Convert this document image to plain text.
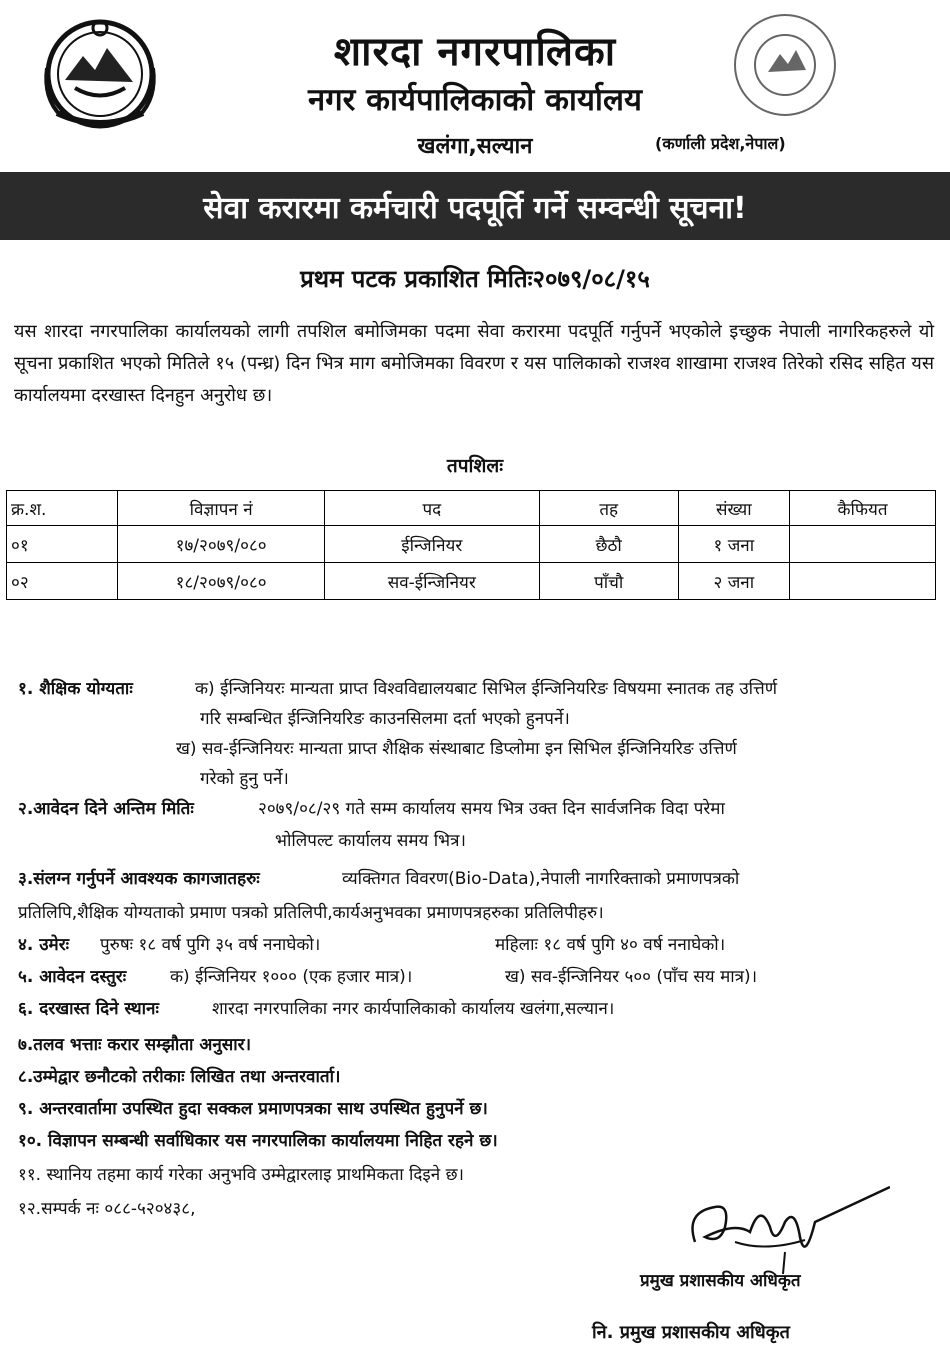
शारदा नगरपालिका
नगर कार्यपालिकाको कार्यालय
खलंगा,सल्यान	(कर्णाली प्रदेश,नेपाल)
सेवा करारमा कर्मचारी पदपूर्ति गर्ने सम्वन्धी सूचना!
प्रथम पटक प्रकाशित मितिः२०७९/०८/१५
यस शारदा नगरपालिका कार्यालयको लागी तपशिल बमोजिमका पदमा सेवा करारमा पदपूर्ति गर्नुपर्ने भएकोले इच्छुक नेपाली नागरिकहरुले यो सूचना प्रकाशित भएको मितिले १५ (पन्ध्र) दिन भित्र माग बमोजिमका विवरण र यस पालिकाको राजश्व शाखामा राजश्व तिरेको रसिद सहित यस कार्यालयमा दरखास्त दिनहुन अनुरोध छ।
तपशिलः
क्र.श.	विज्ञापन नं	पद	तह	संख्या	कैफियत
०१	१७/२०७९/०८०	ईन्जिनियर	छैठौ	१ जना	
०२	१८/२०७९/०८०	सव-ईन्जिनियर	पाँचौ	२ जना	
१. शैक्षिक योग्यताः	क) ईन्जिनियरः मान्यता प्राप्त विश्वविद्यालयबाट सिभिल ईन्जिनियरिङ विषयमा स्नातक तह उत्तिर्ण
गरि सम्बन्धित ईन्जिनियरिङ काउनसिलमा दर्ता भएको हुनपर्ने।
ख) सव-ईन्जिनियरः मान्यता प्राप्त शैक्षिक संस्थाबाट डिप्लोमा इन सिभिल ईन्जिनियरिङ उत्तिर्ण
गरेको हुनु पर्ने।
२.आवेदन दिने अन्तिम मितिः	२०७९/०८/२९ गते सम्म कार्यालय समय भित्र उक्त दिन सार्वजनिक विदा परेमा
भोलिपल्ट कार्यालय समय भित्र।
३.संलग्न गर्नुपर्ने आवश्यक कागजातहरुः	व्यक्तिगत विवरण(Bio-Data),नेपाली नागरिक्ताको प्रमाणपत्रको
प्रतिलिपि,शैक्षिक योग्यताको प्रमाण पत्रको प्रतिलिपी,कार्यअनुभवका प्रमाणपत्रहरुका प्रतिलिपीहरु।
४. उमेरः पुरुषः १८ वर्ष पुगि ३५ वर्ष ननाघेको।	महिलाः १८ वर्ष पुगि ४० वर्ष ननाघेको।
५. आवेदन दस्तुरः	क) ईन्जिनियर १००० (एक हजार मात्र)।	ख) सव-ईन्जिनियर ५०० (पाँच सय मात्र)।
६. दरखास्त दिने स्थानः	शारदा नगरपालिका नगर कार्यपालिकाको कार्यालय खलंगा,सल्यान।
७.तलव भत्ताः करार सम्झौता अनुसार।
८.उम्मेद्वार छनौटको तरीकाः लिखित तथा अन्तरवार्ता।
९. अन्तरवार्तामा उपस्थित हुदा सक्कल प्रमाणपत्रका साथ उपस्थित हुनुपर्ने छ।
१०. विज्ञापन सम्बन्धी सर्वाधिकार यस नगरपालिका कार्यालयमा निहित रहने छ।
११. स्थानिय तहमा कार्य गरेका अनुभवि उम्मेद्वारलाइ प्राथमिकता दिइने छ।
१२.सम्पर्क नः ०८८-५२०४३८,
प्रमुख प्रशासकीय अधिकृत
नि. प्रमुख प्रशासकीय अधिकृत
